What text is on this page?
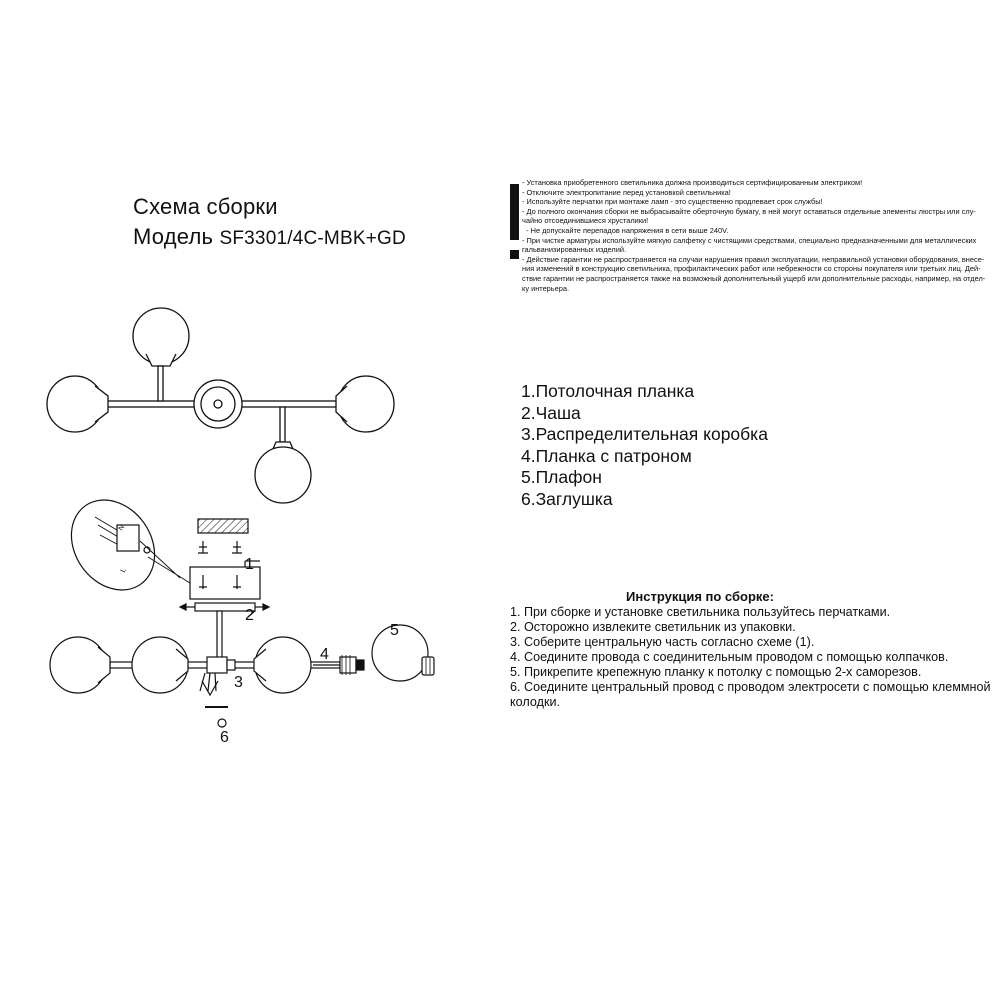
Схема сборки
Модель SF3301/4C-MBK+GD
- Установка приобретенного светильника должна производиться сертифицированным электриком!
- Отключите электропитание перед установкой светильника!
- Используйте перчатки при монтаже ламп - это существенно продлевает срок службы!
- До полного окончания сборки не выбрасывайте оберточную бумагу, в ней могут оставаться отдельные элементы люстры или слу-
чайно отсоединившиеся хрусталики!
- Не допускайте перепадов напряжения в сети выше 240V.
- При чистке арматуры используйте мягкую салфетку с чистящими средствами, специально предназначенными для металлических
гальванизированных изделий.
- Действие гарантии не распространяется на случаи нарушения правил эксплуатации, неправильной установки оборудования, внесе-
ния изменений в конструкцию светильника, профилактических работ или небрежности со стороны покупателя или третьих лиц. Дей-
ствие гарантии не распространяется также на возможный дополнительный ущерб или дополнительные расходы, например, на отдел-
ку интерьера.
1.Потолочная планка
2.Чаша
3.Распределительная коробка
4.Планка с патроном
5.Плафон
6.Заглушка
Инструкция по сборке:
1. При сборке и установке светильника пользуйтесь перчатками.
2. Осторожно извлеките светильник из упаковки.
3. Соберите центральную часть согласно схеме (1).
4. Соедините провода с соединительным проводом с помощью колпачков.
5. Прикрепите крепежную планку к потолку с помощью 2-х саморезов.
6. Соедините центральный провод с проводом электросети с помощью клеммной колодки.
N
L	1
2
3
4
5
6
